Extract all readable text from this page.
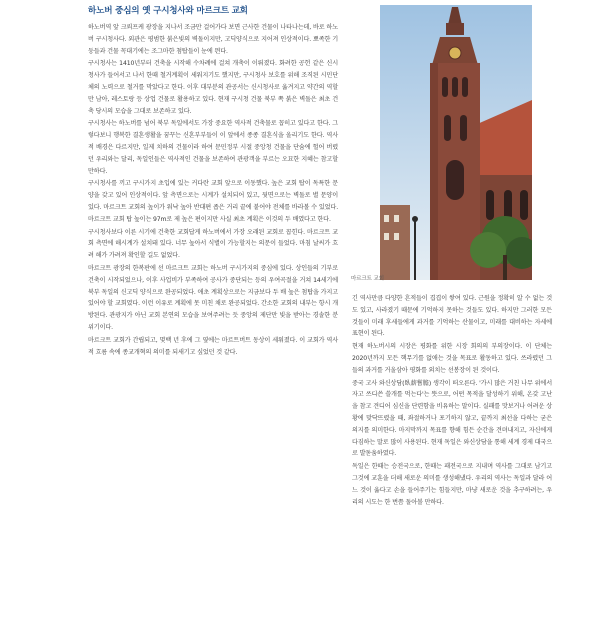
하노버 중심의 옛 구시청사와 마르크트 교회

하노버역 앞 크뢰프케 광장을 지나서 조금만 걸어가다 보면 근사한 건물이 나타나는데, 바로 하노버 구시청사다. 외관은 평범한 붉은빛의 벽돌이지만, 고딕양식으로 지어져 인상적이다. 뾰족한 기둥들과 건물 꼭대기에는 조그마한 첨탑들이 눈에 띈다.

구시청사는 1410년부터 건축을 시작해 수차례에 걸쳐 개축이 이뤄졌다. 화려한 공헌 같은 신시청사가 들어서고 나서 한때 철거계획이 세워지기도 했지만, 구시청사 보호를 위해 조직된 시민단체의 노력으로 철거를 막았다고 한다. 이후 대부분의 관공서는 신시청사로 옮겨지고 약간의 역할만 남아, 레스토랑 등 상업 건물로 활용하고 있다. 현재 구시청 건물 북부 쪽 붉은 벽돌은 최초 건축 당시의 모습을 그대로 보존하고 있다.

구시청사는 하노버를 넘어 북부 독일에서도 가장 중요한 역사적 건축물로 꼽히고 있다고 한다. 그렇다보니 행복한 결혼생활을 꿈꾸는 신혼부부들이 이 앞에서 종종 결혼식을 올리기도 한다. 역사적 배경은 다르지만, 일제 치하의 건물이라 하여 문민정부 시절 중앙청 건물을 단숨에 헐어 버렸던 우리와는 달리, 독일인들은 역사적인 건물을 보존하여 관광객을 부르는 오묘한 지혜는 참고할 만하다.

구시청사를 끼고 구시가지 초입에 있는 커다란 교회 앞으로 이동했다. 높은 교회 탑이 독특한 문양을 갖고 있어 인상적이다. 앞 측면으로는 시계가 설치되어 있고, 뒷면으로는 벽돌로 별 문양이 있다. 마르크트 교회의 높이가 워낙 높아 반대편 좁은 거리 끝에 붙어야 전체를 바라볼 수 있었다. 마르크트 교회 탑 높이는 97m로 제 높은 편이지만 사실 최초 계획은 이것의 두 배였다고 한다.

구시청사보다 이른 시기에 건축한 교회답게 하노버에서 가장 오래된 교회로 꼽힌다. 마르크트 교회 측면에 해시계가 설치돼 있다. 너무 높아서 식별이 가능할지는 의문이 들었다. 마침 날씨가 흐려 해가 가려져 확인할 길도 없었다.

마르크트 광장의 한복판에 선 마르크트 교회는 하노버 구시가지의 중심에 있다. 상인들의 기부로 건축이 시작되었으나, 이후 사업비가 부족하여 공사가 중단되는 등의 우여곡절을 거쳐 14세기에 북부 독일의 신고딕 양식으로 완공되었다. 애초 계획상으로는 지금보다 두 배 높은 첨탑을 가지고 있어야 할 교회였다. 이런 이유로 계획에 못 미친 채로 완공되었다. 간소한 교회의 내부는 항시 개방된다. 관광지가 아닌 교회 본연의 모습을 보여주려는 듯 중앙의 제단만 빛을 받아는 경솔한 분위기이다.

마르크트 교회가 간립되고, 몇백 년 후에 그 옆에는 마르트버트 동상이 세워졌다. 이 교회가 역사적 흐름 속에 종교개혁의 의미를 되새기고 싶었던 것 같다.

마르크트 교회

긴 역사만큼 다양한 흔적들이 겹겹이 쌓여 있다. 근원을 정확히 알 수 없는 것도 있고, 사라졌기 때문에 기억하지 못하는 것들도 있다. 하지만 그러한 모든 것들이 미래 후세들에게 과거를 기억하는 산물이고, 미래를 대비하는 자세에 표현이 된다.

현재 하노버시의 시장은 평화를 위한 시장 회의의 부의장이다. 이 단체는 2020년까지 모든 핵무기를 없애는 것을 목표로 활동하고 있다. 쓰라렸던 그들의 과거를 거울삼아 평화를 외치는 선봉장이 된 것이다.

중국 고사 와신상담(臥薪嘗膽) 생각이 떠오른다. '가시 많은 거친 나무 위에서 자고 쓰디쓴 쓸개를 먹는다'는 뜻으로, 어떤 목적을 달성하기 위해, 온갖 고난을 참고 견디어 심신을 단련함을 비유하는 말이다. 실패를 맛보거나 어려운 상황에 맞닥뜨렸을 때, 좌절하거나 포기하지 않고, 끝까지 최선을 다하는 굳은 의지를 의미한다. 마지막까지 목표를 향해 힘든 순간을 견뎌내지고, 자신에게 다짐하는 말로 많이 사용된다. 현재 독일은 와신상담을 통해 세계 경제 대국으로 발돋움하였다.

독일은 한때는 승전국으로, 한때는 패전국으로 지내며 역사를 그대로 남기고 그것에 교훈을 더해 새로운 의미를 생성해냈다. 우리의 역사는 독일과 달라 어느 것이 옳다고 손을 들어주기는 힘들지만, 마냥 새로운 것을 추구하려는, 우리의 시도는 한 번쯤 돌아볼 만하다.
